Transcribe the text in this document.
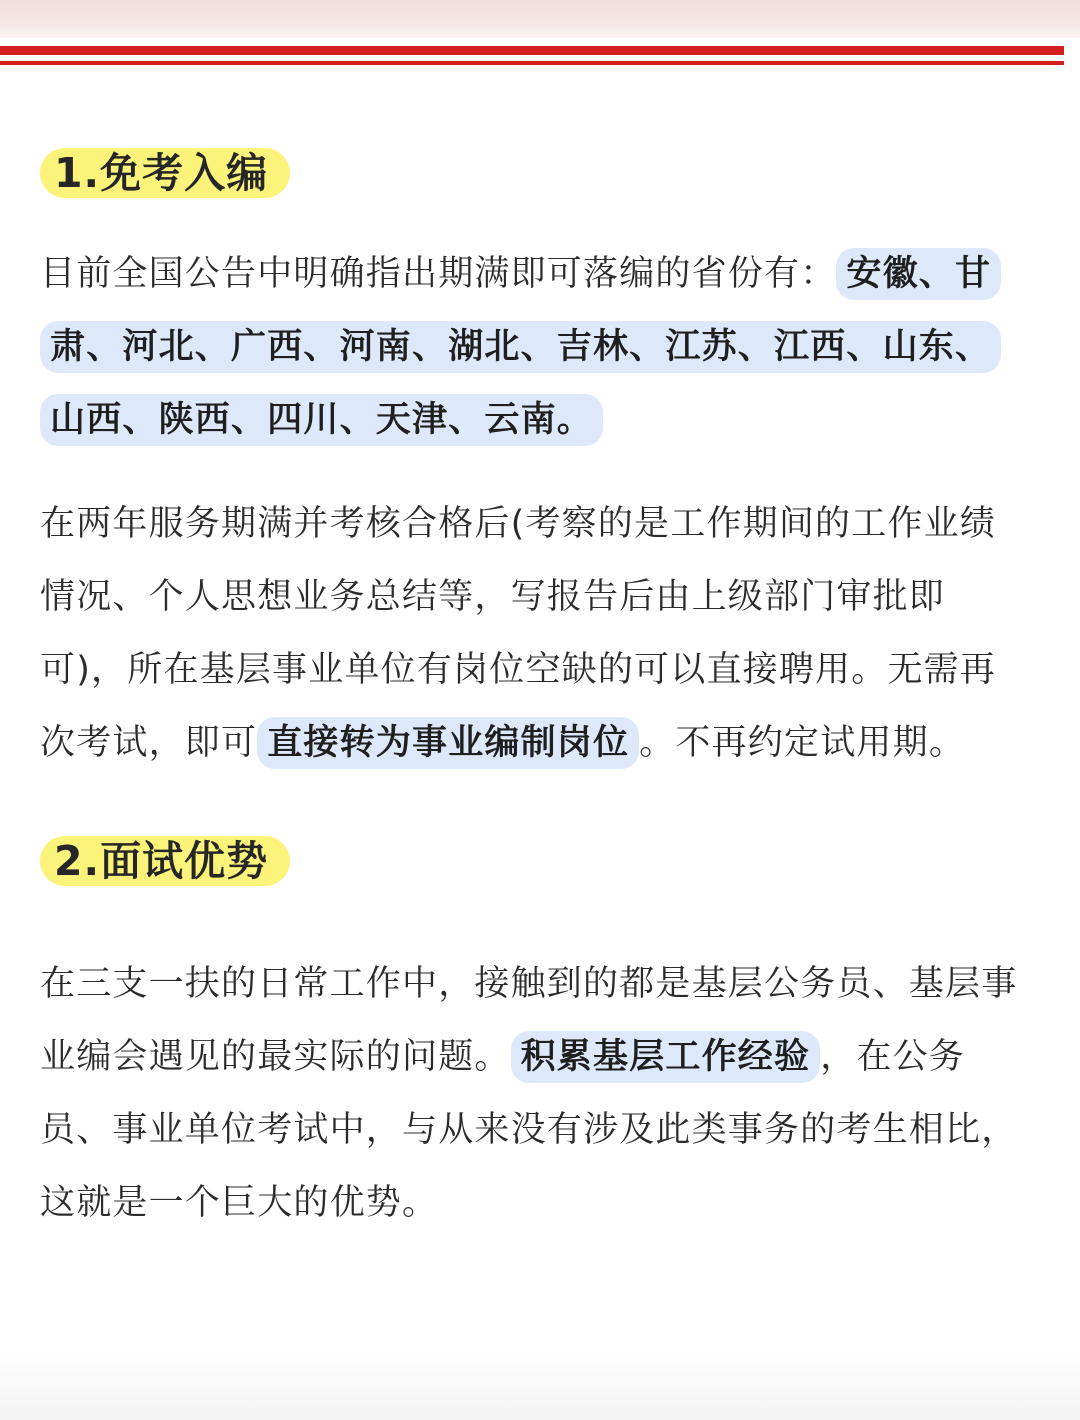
1.免考入编

目前全国公告中明确指出期满即可落编的省份有： 安徽、甘肃、河北、广西、河南、湖北、吉林、江苏、江西、山东、山西、陕西、四川、天津、云南。

在两年服务期满并考核合格后(考察的是工作期间的工作业绩情况、个人思想业务总结等，写报告后由上级部门审批即可)，所在基层事业单位有岗位空缺的可以直接聘用。无需再次考试，即可 直接转为事业编制岗位 。不再约定试用期。

2.面试优势

在三支一扶的日常工作中，接触到的都是基层公务员、基层事业编会遇见的最实际的问题。 积累基层工作经验 ，在公务员、事业单位考试中，与从来没有涉及此类事务的考生相比，这就是一个巨大的优势。
